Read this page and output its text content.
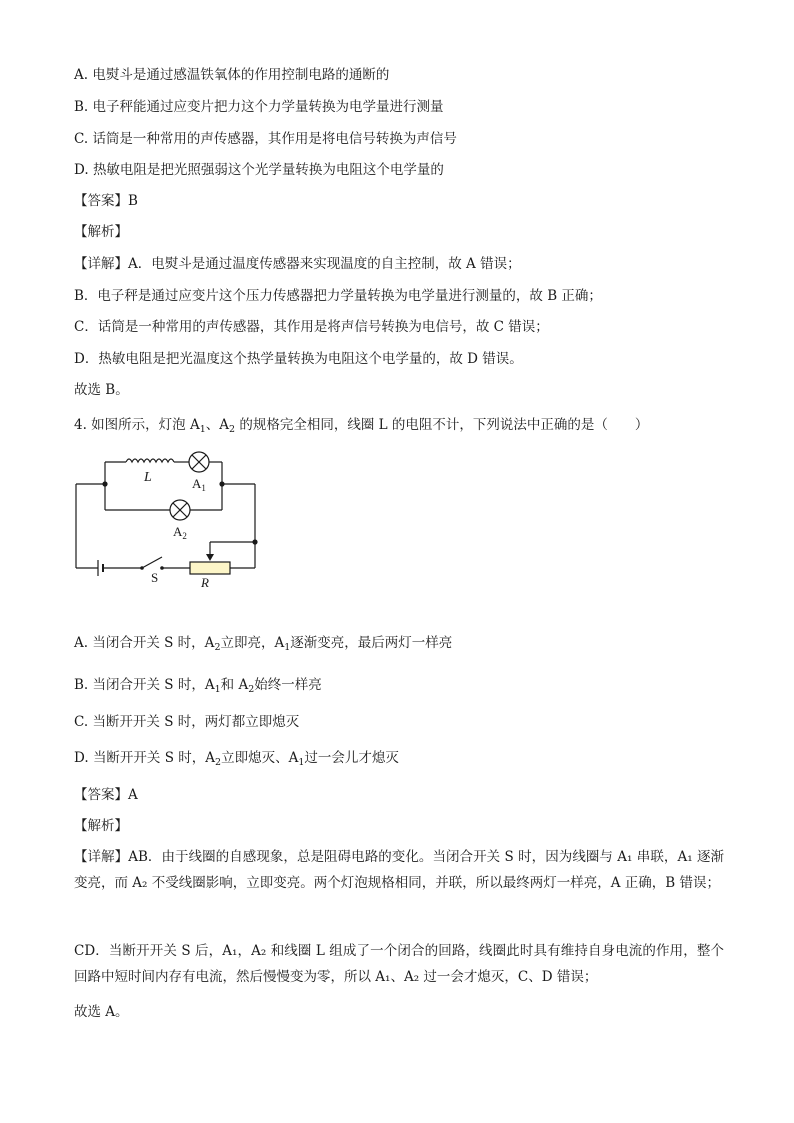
A. 电熨斗是通过感温铁氧体的作用控制电路的通断的
B. 电子秤能通过应变片把力这个力学量转换为电学量进行测量
C. 话筒是一种常用的声传感器，其作用是将电信号转换为声信号
D. 热敏电阻是把光照强弱这个光学量转换为电阻这个电学量的
【答案】B
【解析】
【详解】A．电熨斗是通过温度传感器来实现温度的自主控制，故 A 错误；
B．电子秤是通过应变片这个压力传感器把力学量转换为电学量进行测量的，故 B 正确；
C．话筒是一种常用的声传感器，其作用是将声信号转换为电信号，故 C 错误；
D．热敏电阻是把光温度这个热学量转换为电阻这个电学量的，故 D 错误。
故选 B。
4. 如图所示，灯泡 $A_1$、$A_2$ 的规格完全相同，线圈 L 的电阻不计，下列说法中正确的是（　　）
L	$A_1$
$A_2$
S	R
A. 当闭合开关 S 时，$A_2$立即亮，$A_1$逐渐变亮，最后两灯一样亮
B. 当闭合开关 S 时，$A_1$和 $A_2$始终一样亮
C. 当断开开关 S 时，两灯都立即熄灭
D. 当断开开关 S 时，$A_2$立即熄灭、$A_1$过一会儿才熄灭
【答案】A
【解析】
【详解】AB．由于线圈的自感现象，总是阻碍电路的变化。当闭合开关 S 时，因为线圈与 A₁ 串联，A₁ 逐渐变亮，而 A₂ 不受线圈影响，立即变亮。两个灯泡规格相同，并联，所以最终两灯一样亮，A 正确，B 错误；
CD．当断开开关 S 后，A₁，A₂ 和线圈 L 组成了一个闭合的回路，线圈此时具有维持自身电流的作用，整个回路中短时间内存有电流，然后慢慢变为零，所以 A₁、A₂ 过一会才熄灭，C、D 错误；
故选 A。
